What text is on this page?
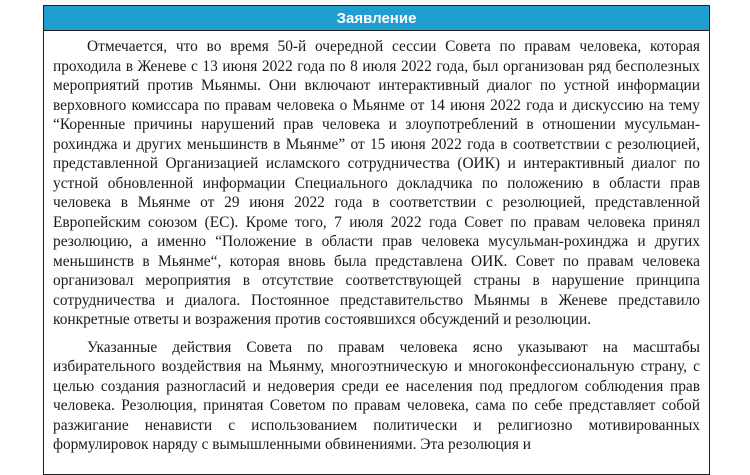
Заявление

Отмечается, что во время 50-й очередной сессии Совета по правам человека, которая проходила в Женеве с 13 июня 2022 года по 8 июля 2022 года, был организован ряд бесполезных мероприятий против Мьянмы. Они включают интерактивный диалог по устной информации верховного комиссара по правам человека о Мьянме от 14 июня 2022 года и дискуссию на тему “Коренные причины нарушений прав человека и злоупотреблений в отношении мусульман-рохинджа и других меньшинств в Мьянме” от 15 июня 2022 года в соответствии с резолюцией, представленной Организацией исламского сотрудничества (ОИК) и интерактивный диалог по устной обновленной информации Специального докладчика по положению в области прав человека в Мьянме от 29 июня 2022 года в соответствии с резолюцией, представленной Европейским союзом (ЕС). Кроме того, 7 июля 2022 года Совет по правам человека принял резолюцию, а именно “Положение в области прав человека мусульман-рохинджа и других меньшинств в Мьянме“, которая вновь была представлена ОИК. Совет по правам человека организовал мероприятия в отсутствие соответствующей страны в нарушение принципа сотрудничества и диалога. Постоянное представительство Мьянмы в Женеве представило конкретные ответы и возражения против состоявшихся обсуждений и резолюции.

Указанные действия Совета по правам человека ясно указывают на масштабы избирательного воздействия на Мьянму, многоэтническую и многоконфессиональную страну, с целью создания разногласий и недоверия среди ее населения под предлогом соблюдения прав человека. Резолюция, принятая Советом по правам человека, сама по себе представляет собой разжигание ненависти с использованием политически и религиозно мотивированных формулировок наряду с вымышленными обвинениями. Эта резолюция и
